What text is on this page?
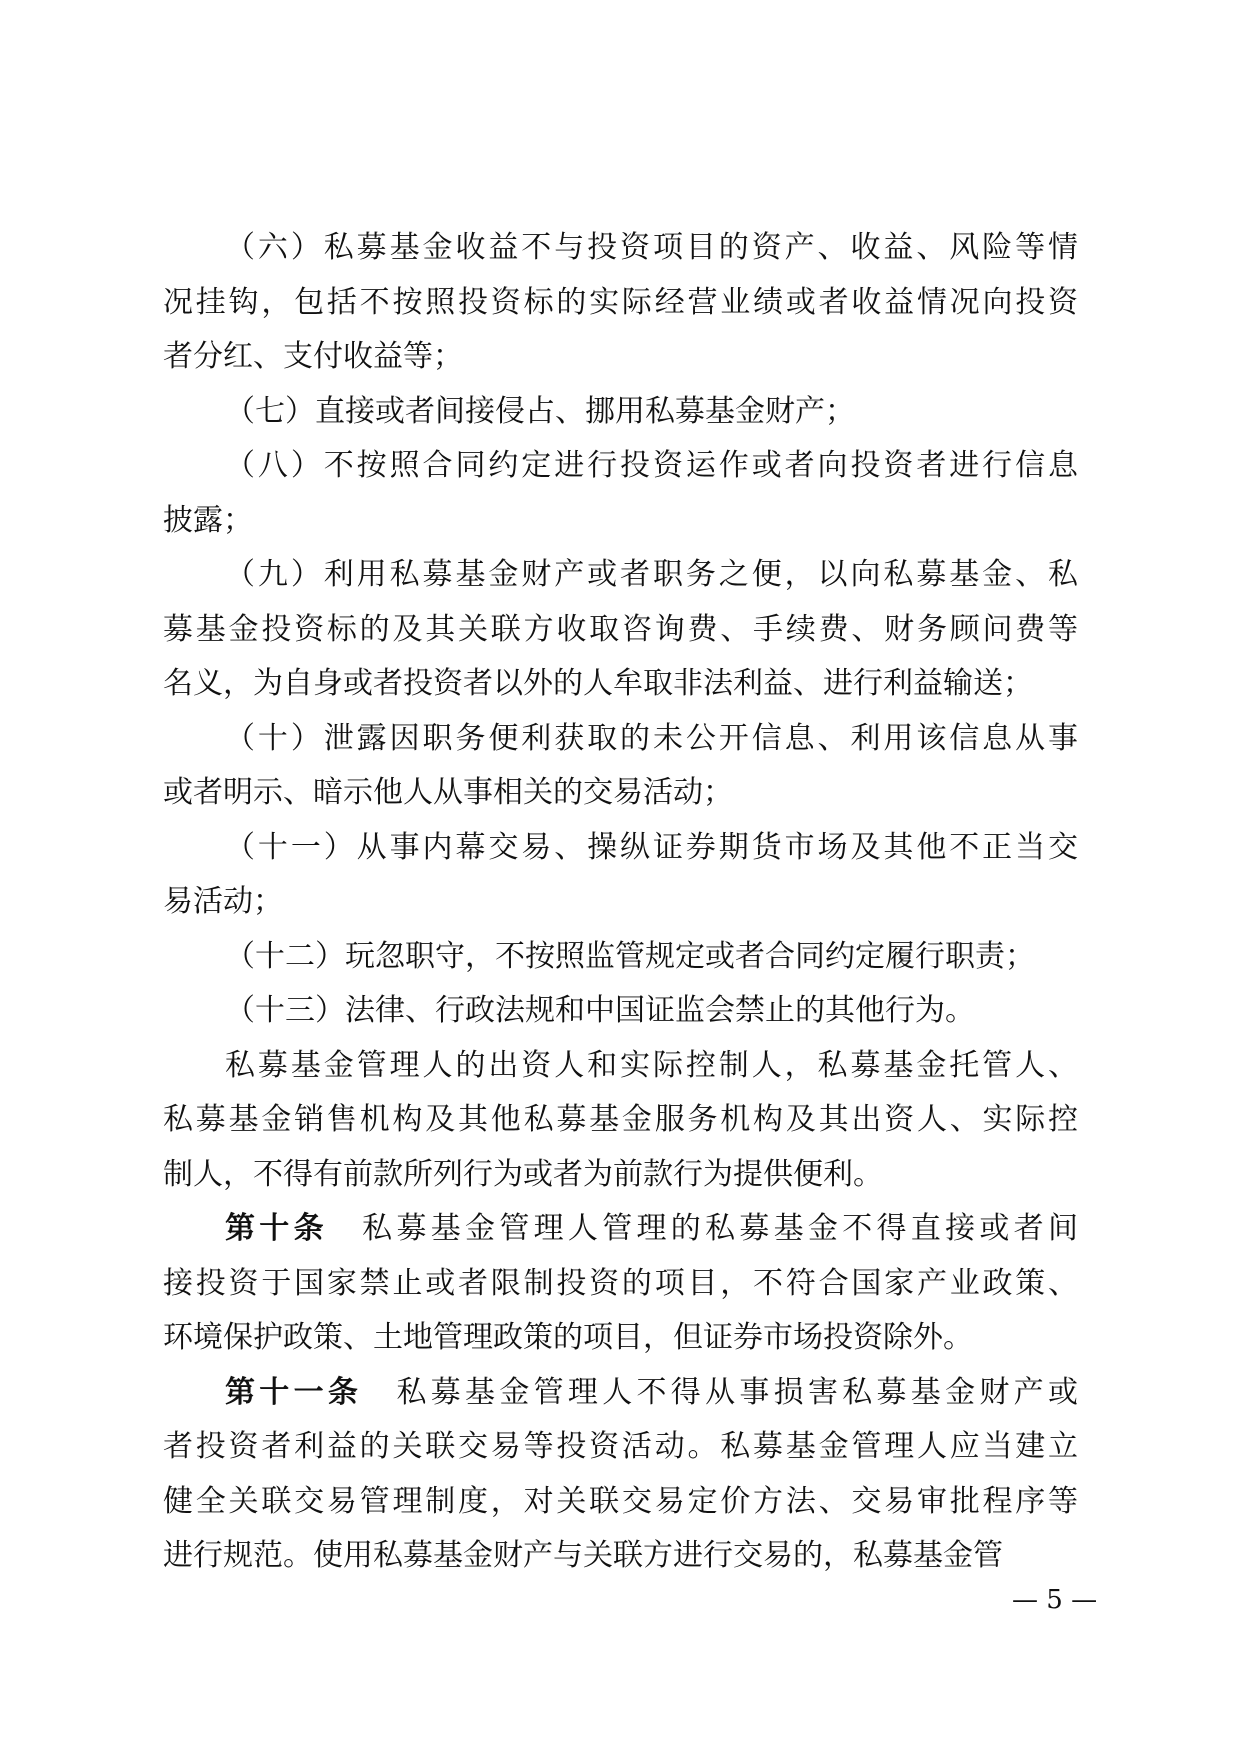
（六）私募基金收益不与投资项目的资产、收益、风险等情
况挂钩，包括不按照投资标的实际经营业绩或者收益情况向投资
者分红、支付收益等；
（七）直接或者间接侵占、挪用私募基金财产；
（八）不按照合同约定进行投资运作或者向投资者进行信息
披露；
（九）利用私募基金财产或者职务之便，以向私募基金、私
募基金投资标的及其关联方收取咨询费、手续费、财务顾问费等
名义，为自身或者投资者以外的人牟取非法利益、进行利益输送；
（十）泄露因职务便利获取的未公开信息、利用该信息从事
或者明示、暗示他人从事相关的交易活动；
（十一）从事内幕交易、操纵证券期货市场及其他不正当交
易活动；
（十二）玩忽职守，不按照监管规定或者合同约定履行职责；
（十三）法律、行政法规和中国证监会禁止的其他行为。
私募基金管理人的出资人和实际控制人，私募基金托管人、
私募基金销售机构及其他私募基金服务机构及其出资人、实际控
制人，不得有前款所列行为或者为前款行为提供便利。
第十条　私募基金管理人管理的私募基金不得直接或者间
接投资于国家禁止或者限制投资的项目，不符合国家产业政策、
环境保护政策、土地管理政策的项目，但证券市场投资除外。
第十一条　私募基金管理人不得从事损害私募基金财产或
者投资者利益的关联交易等投资活动。私募基金管理人应当建立
健全关联交易管理制度，对关联交易定价方法、交易审批程序等
进行规范。使用私募基金财产与关联方进行交易的，私募基金管
— 5 —
